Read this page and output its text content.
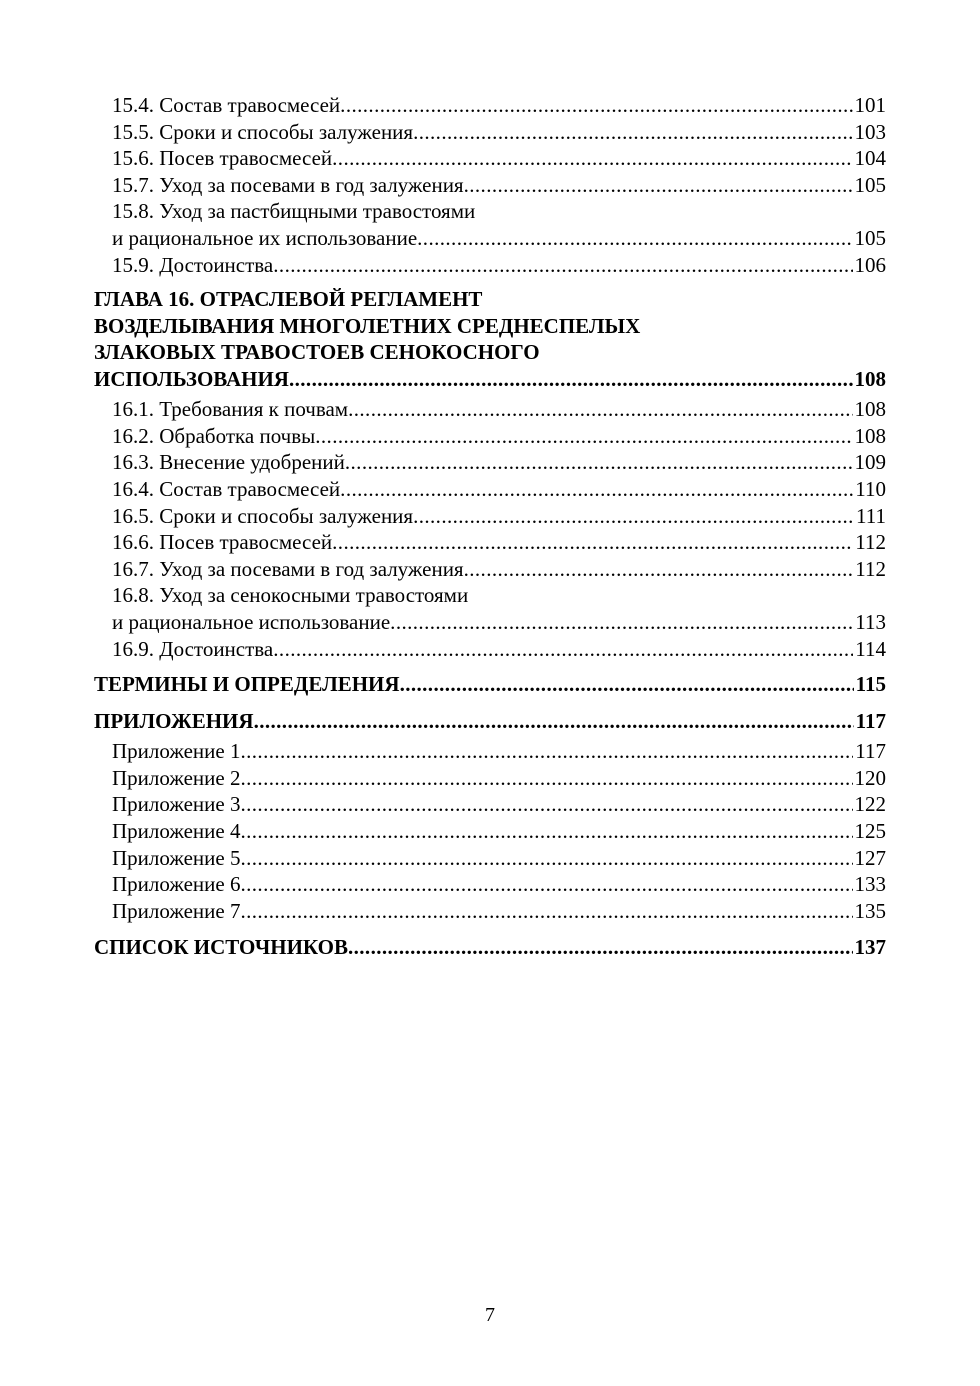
15.4. Состав травосмесей .....	101
15.5. Сроки и способы залужения .....	103
15.6. Посев травосмесей .....	104
15.7. Уход за посевами в год залужения .....	105
15.8. Уход за пастбищными травостоями
и рациональное их использование .....	105
15.9. Достоинства .....	106
ГЛАВА 16. ОТРАСЛЕВОЙ РЕГЛАМЕНТ
ВОЗДЕЛЫВАНИЯ МНОГОЛЕТНИХ СРЕДНЕСПЕЛЫХ
ЗЛАКОВЫХ ТРАВОСТОЕВ СЕНОКОСНОГО
ИСПОЛЬЗОВАНИЯ .....	108
16.1. Требования к почвам .....	108
16.2. Обработка почвы .....	108
16.3. Внесение удобрений .....	109
16.4. Состав травосмесей .....	110
16.5. Сроки и способы залужения .....	111
16.6. Посев травосмесей .....	112
16.7. Уход за посевами в год залужения .....	112
16.8. Уход за сенокосными травостоями
и рациональное использование .....	113
16.9. Достоинства .....	114
ТЕРМИНЫ И ОПРЕДЕЛЕНИЯ .....	115
ПРИЛОЖЕНИЯ .....	117
Приложение 1 .....	117
Приложение 2 .....	120
Приложение 3 .....	122
Приложение 4 .....	125
Приложение 5 .....	127
Приложение 6 .....	133
Приложение 7 .....	135
СПИСОК ИСТОЧНИКОВ .....	137
7
